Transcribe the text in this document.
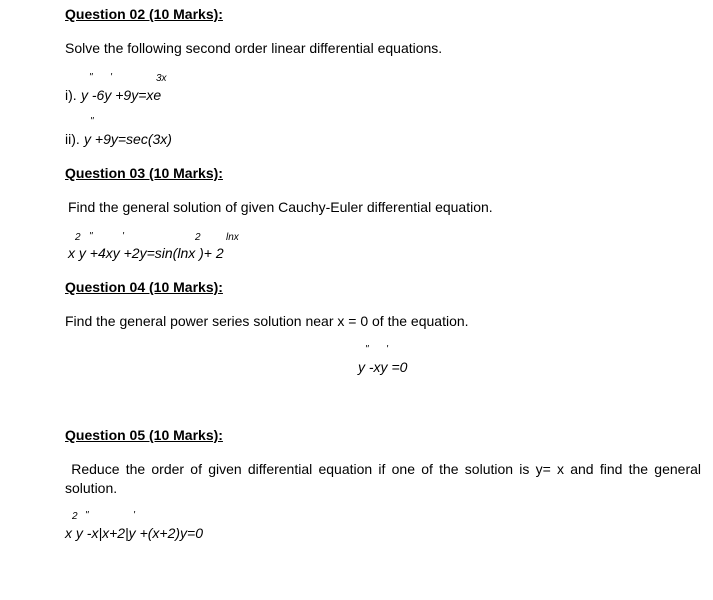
Question 02 (10 Marks):
Solve the following second order linear differential equations.
" '	3x
i). y -6y +9y=xe
"
ii). y +9y=sec(3x)
Question 03 (10 Marks):
Find the general solution of given Cauchy-Euler differential equation.
2 "	'	2	lnx
x y +4xy +2y=sin(lnx )+ 2
Question 04 (10 Marks):
Find the general power series solution near x = 0 of the equation.
" '
y -xy =0
Question 05 (10 Marks):
Reduce the order of given differential equation if one of the solution is y= x and find the general solution.
2 "	'
x y -x|x+2|y +(x+2)y=0
